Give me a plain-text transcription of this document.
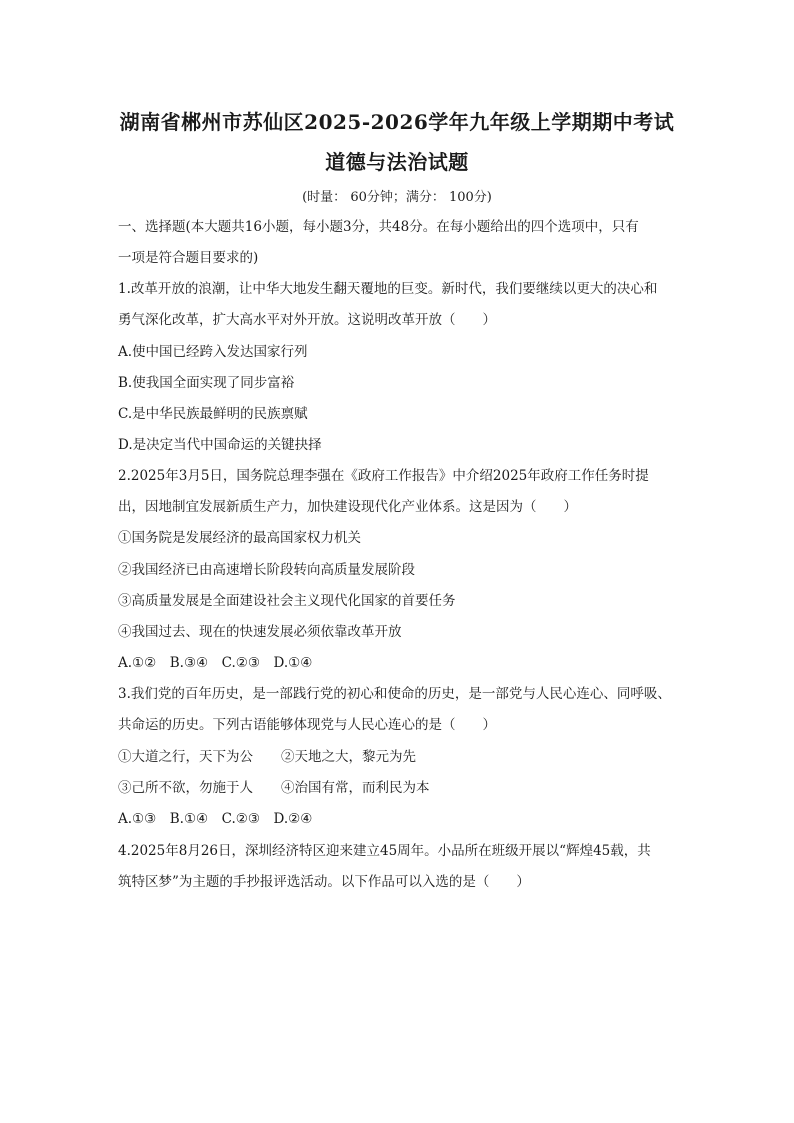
湖南省郴州市苏仙区2025-2026学年九年级上学期期中考试
道德与法治试题
(时量： 60分钟；满分： 100分)
一、选择题(本大题共16小题，每小题3分，共48分。在每小题给出的四个选项中，只有
一项是符合题目要求的)
1.改革开放的浪潮，让中华大地发生翻天覆地的巨变。新时代，我们要继续以更大的决心和
勇气深化改革，扩大高水平对外开放。这说明改革开放（　　）
A.使中国已经跨入发达国家行列
B.使我国全面实现了同步富裕
C.是中华民族最鲜明的民族禀赋
D.是决定当代中国命运的关键抉择
2.2025年3月5日，国务院总理李强在《政府工作报告》中介绍2025年政府工作任务时提
出，因地制宜发展新质生产力，加快建设现代化产业体系。这是因为（　　）
①国务院是发展经济的最高国家权力机关
②我国经济已由高速增长阶段转向高质量发展阶段
③高质量发展是全面建设社会主义现代化国家的首要任务
④我国过去、现在的快速发展必须依靠改革开放
A.①②　B.③④　C.②③　D.①④
3.我们党的百年历史，是一部践行党的初心和使命的历史，是一部党与人民心连心、同呼吸、
共命运的历史。下列古语能够体现党与人民心连心的是（　　）
①大道之行，天下为公 ②天地之大，黎元为先
③己所不欲，勿施于人 ④治国有常，而利民为本
A.①③　B.①④　C.②③　D.②④
4.2025年8月26日，深圳经济特区迎来建立45周年。小品所在班级开展以“辉煌45载，共
筑特区梦”为主题的手抄报评选活动。以下作品可以入选的是（　　）
